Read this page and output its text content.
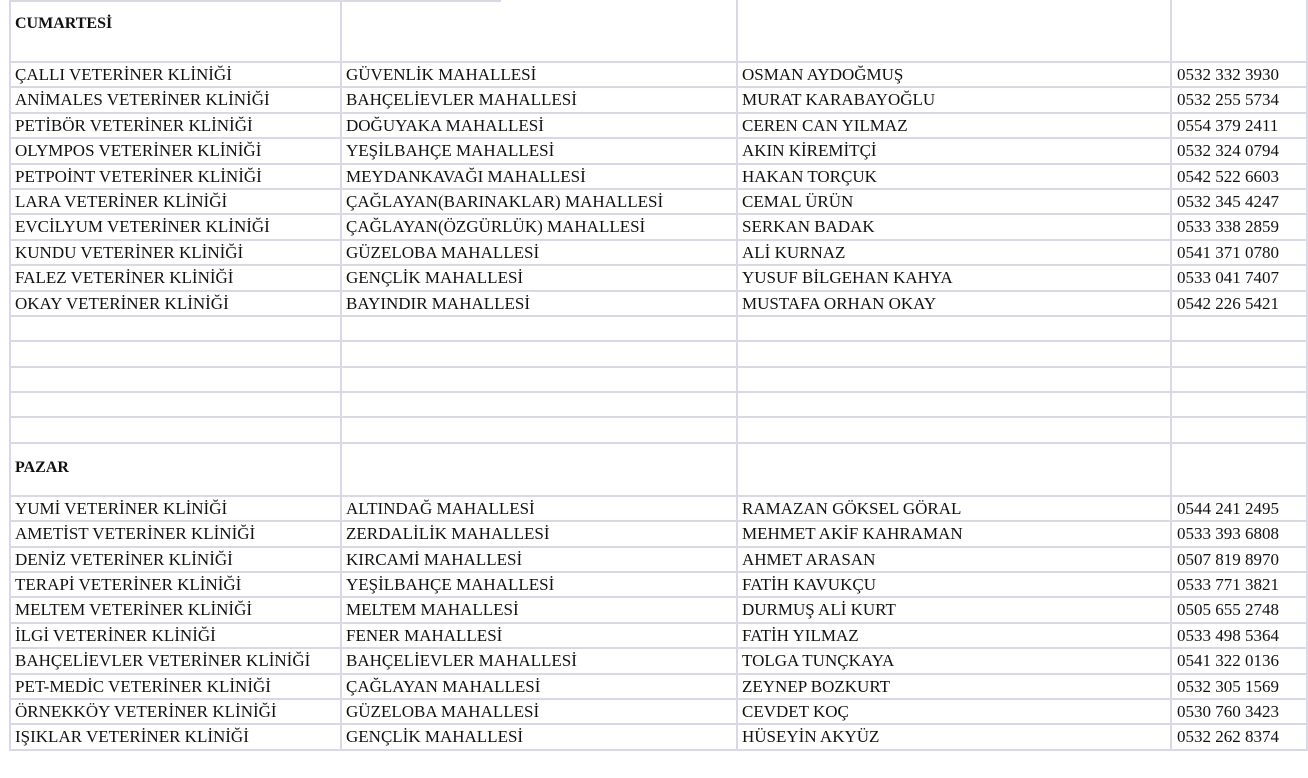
CUMARTESİ
ÇALLI VETERİNER KLİNİĞİ	GÜVENLİK MAHALLESİ	OSMAN AYDOĞMUŞ	0532 332 3930
ANİMALES VETERİNER KLİNİĞİ	BAHÇELİEVLER MAHALLESİ	MURAT KARABAYOĞLU	0532 255 5734
PETİBÖR VETERİNER KLİNİĞİ	DOĞUYAKA MAHALLESİ	CEREN CAN YILMAZ	0554 379 2411
OLYMPOS VETERİNER KLİNİĞİ	YEŞİLBAHÇE MAHALLESİ	AKIN KİREMİTÇİ	0532 324 0794
PETPOİNT VETERİNER KLİNİĞİ	MEYDANKAVAĞI MAHALLESİ	HAKAN TORÇUK	0542 522 6603
LARA VETERİNER KLİNİĞİ	ÇAĞLAYAN(BARINAKLAR) MAHALLESİ	CEMAL ÜRÜN	0532 345 4247
EVCİLYUM VETERİNER KLİNİĞİ	ÇAĞLAYAN(ÖZGÜRLÜK) MAHALLESİ	SERKAN BADAK	0533 338 2859
KUNDU VETERİNER KLİNİĞİ	GÜZELOBA MAHALLESİ	ALİ KURNAZ	0541 371 0780
FALEZ VETERİNER KLİNİĞİ	GENÇLİK MAHALLESİ	YUSUF BİLGEHAN KAHYA	0533 041 7407
OKAY VETERİNER KLİNİĞİ	BAYINDIR MAHALLESİ	MUSTAFA ORHAN OKAY	0542 226 5421
PAZAR
YUMİ VETERİNER KLİNİĞİ	ALTINDAĞ MAHALLESİ	RAMAZAN GÖKSEL GÖRAL	0544 241 2495
AMETİST VETERİNER KLİNİĞİ	ZERDALİLİK MAHALLESİ	MEHMET AKİF KAHRAMAN	0533 393 6808
DENİZ VETERİNER KLİNİĞİ	KIRCAMİ MAHALLESİ	AHMET ARASAN	0507 819 8970
TERAPİ VETERİNER KLİNİĞİ	YEŞİLBAHÇE MAHALLESİ	FATİH KAVUKÇU	0533 771 3821
MELTEM VETERİNER KLİNİĞİ	MELTEM MAHALLESİ	DURMUŞ ALİ KURT	0505 655 2748
İLGİ VETERİNER KLİNİĞİ	FENER MAHALLESİ	FATİH YILMAZ	0533 498 5364
BAHÇELİEVLER VETERİNER KLİNİĞİ	BAHÇELİEVLER MAHALLESİ	TOLGA TUNÇKAYA	0541 322 0136
PET-MEDİC VETERİNER KLİNİĞİ	ÇAĞLAYAN MAHALLESİ	ZEYNEP BOZKURT	0532 305 1569
ÖRNEKKÖY VETERİNER KLİNİĞİ	GÜZELOBA MAHALLESİ	CEVDET KOÇ	0530 760 3423
IŞIKLAR VETERİNER KLİNİĞİ	GENÇLİK MAHALLESİ	HÜSEYİN AKYÜZ	0532 262 8374
